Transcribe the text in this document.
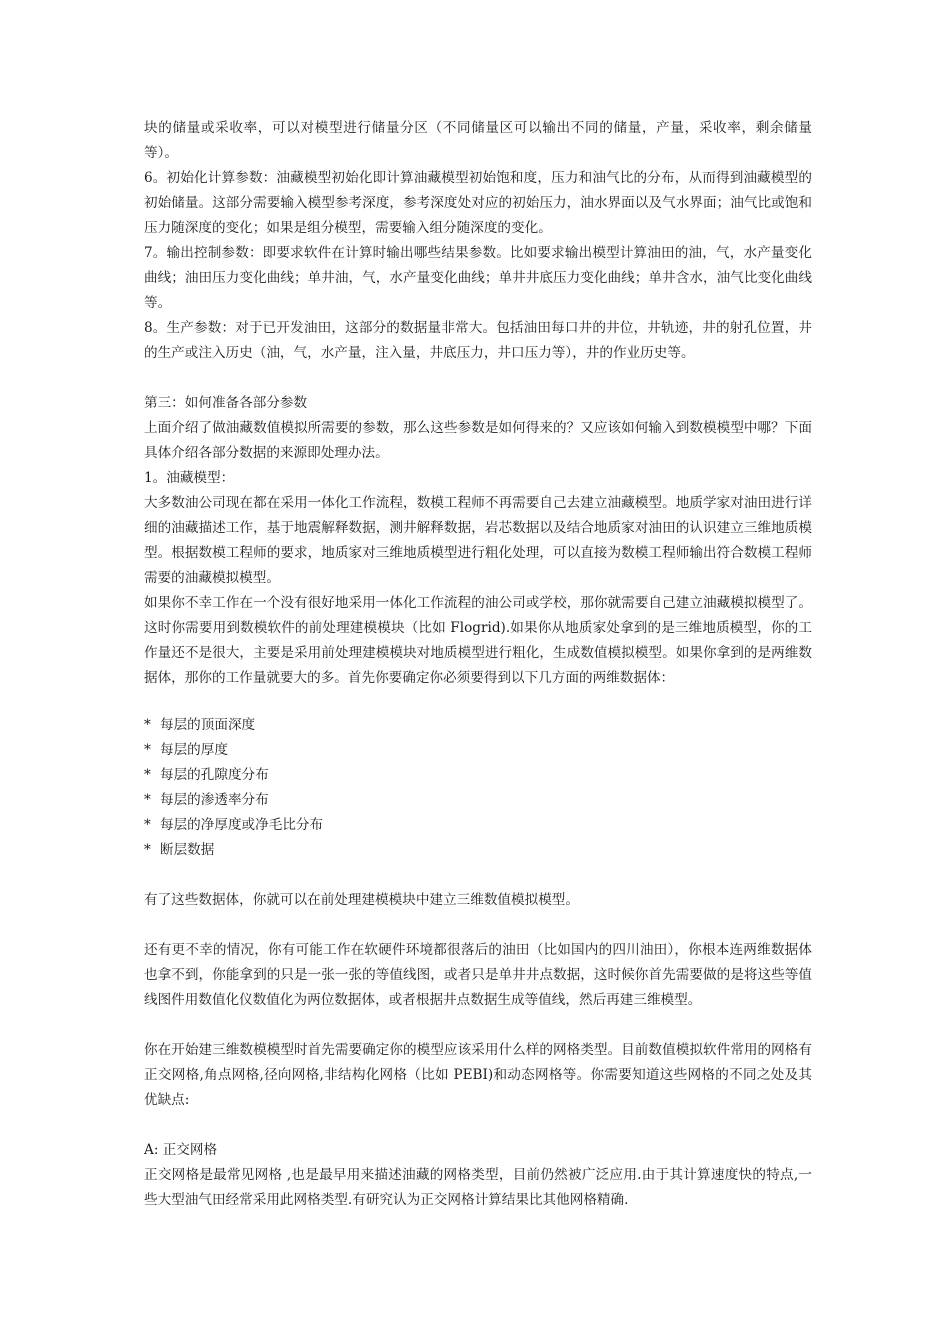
块的储量或采收率，可以对模型进行储量分区（不同储量区可以输出不同的储量，产量，采收率，剩余储量等）。

6。初始化计算参数：油藏模型初始化即计算油藏模型初始饱和度，压力和油气比的分布，从而得到油藏模型的初始储量。这部分需要输入模型参考深度，参考深度处对应的初始压力，油水界面以及气水界面；油气比或饱和压力随深度的变化；如果是组分模型，需要输入组分随深度的变化。

7。输出控制参数：即要求软件在计算时输出哪些结果参数。比如要求输出模型计算油田的油，气，水产量变化曲线；油田压力变化曲线；单井油，气，水产量变化曲线；单井井底压力变化曲线；单井含水，油气比变化曲线等。

8。生产参数：对于已开发油田，这部分的数据量非常大。包括油田每口井的井位，井轨迹，井的射孔位置，井的生产或注入历史（油，气，水产量，注入量，井底压力，井口压力等），井的作业历史等。

第三：如何准备各部分参数

上面介绍了做油藏数值模拟所需要的参数，那么这些参数是如何得来的？又应该如何输入到数模模型中哪？下面具体介绍各部分数据的来源即处理办法。

1。油藏模型：

大多数油公司现在都在采用一体化工作流程，数模工程师不再需要自己去建立油藏模型。地质学家对油田进行详细的油藏描述工作，基于地震解释数据，测井解释数据，岩芯数据以及结合地质家对油田的认识建立三维地质模型。根据数模工程师的要求，地质家对三维地质模型进行粗化处理，可以直接为数模工程师输出符合数模工程师需要的油藏模拟模型。

如果你不幸工作在一个没有很好地采用一体化工作流程的油公司或学校，那你就需要自己建立油藏模拟模型了。这时你需要用到数模软件的前处理建模模块（比如 Flogrid).如果你从地质家处拿到的是三维地质模型，你的工作量还不是很大，主要是采用前处理建模模块对地质模型进行粗化，生成数值模拟模型。如果你拿到的是两维数据体，那你的工作量就要大的多。首先你要确定你必须要得到以下几方面的两维数据体：

* 每层的顶面深度
* 每层的厚度
* 每层的孔隙度分布
* 每层的渗透率分布
* 每层的净厚度或净毛比分布
* 断层数据

有了这些数据体，你就可以在前处理建模模块中建立三维数值模拟模型。

还有更不幸的情况，你有可能工作在软硬件环境都很落后的油田（比如国内的四川油田），你根本连两维数据体也拿不到，你能拿到的只是一张一张的等值线图，或者只是单井井点数据，这时候你首先需要做的是将这些等值线图件用数值化仪数值化为两位数据体，或者根据井点数据生成等值线，然后再建三维模型。

你在开始建三维数模模型时首先需要确定你的模型应该采用什么样的网格类型。目前数值模拟软件常用的网格有正交网格,角点网格,径向网格,非结构化网格（比如 PEBI)和动态网格等。你需要知道这些网格的不同之处及其优缺点:

A: 正交网格

正交网格是最常见网格 ,也是最早用来描述油藏的网格类型，目前仍然被广泛应用.由于其计算速度快的特点,一些大型油气田经常采用此网格类型.有研究认为正交网格计算结果比其他网格精确.
